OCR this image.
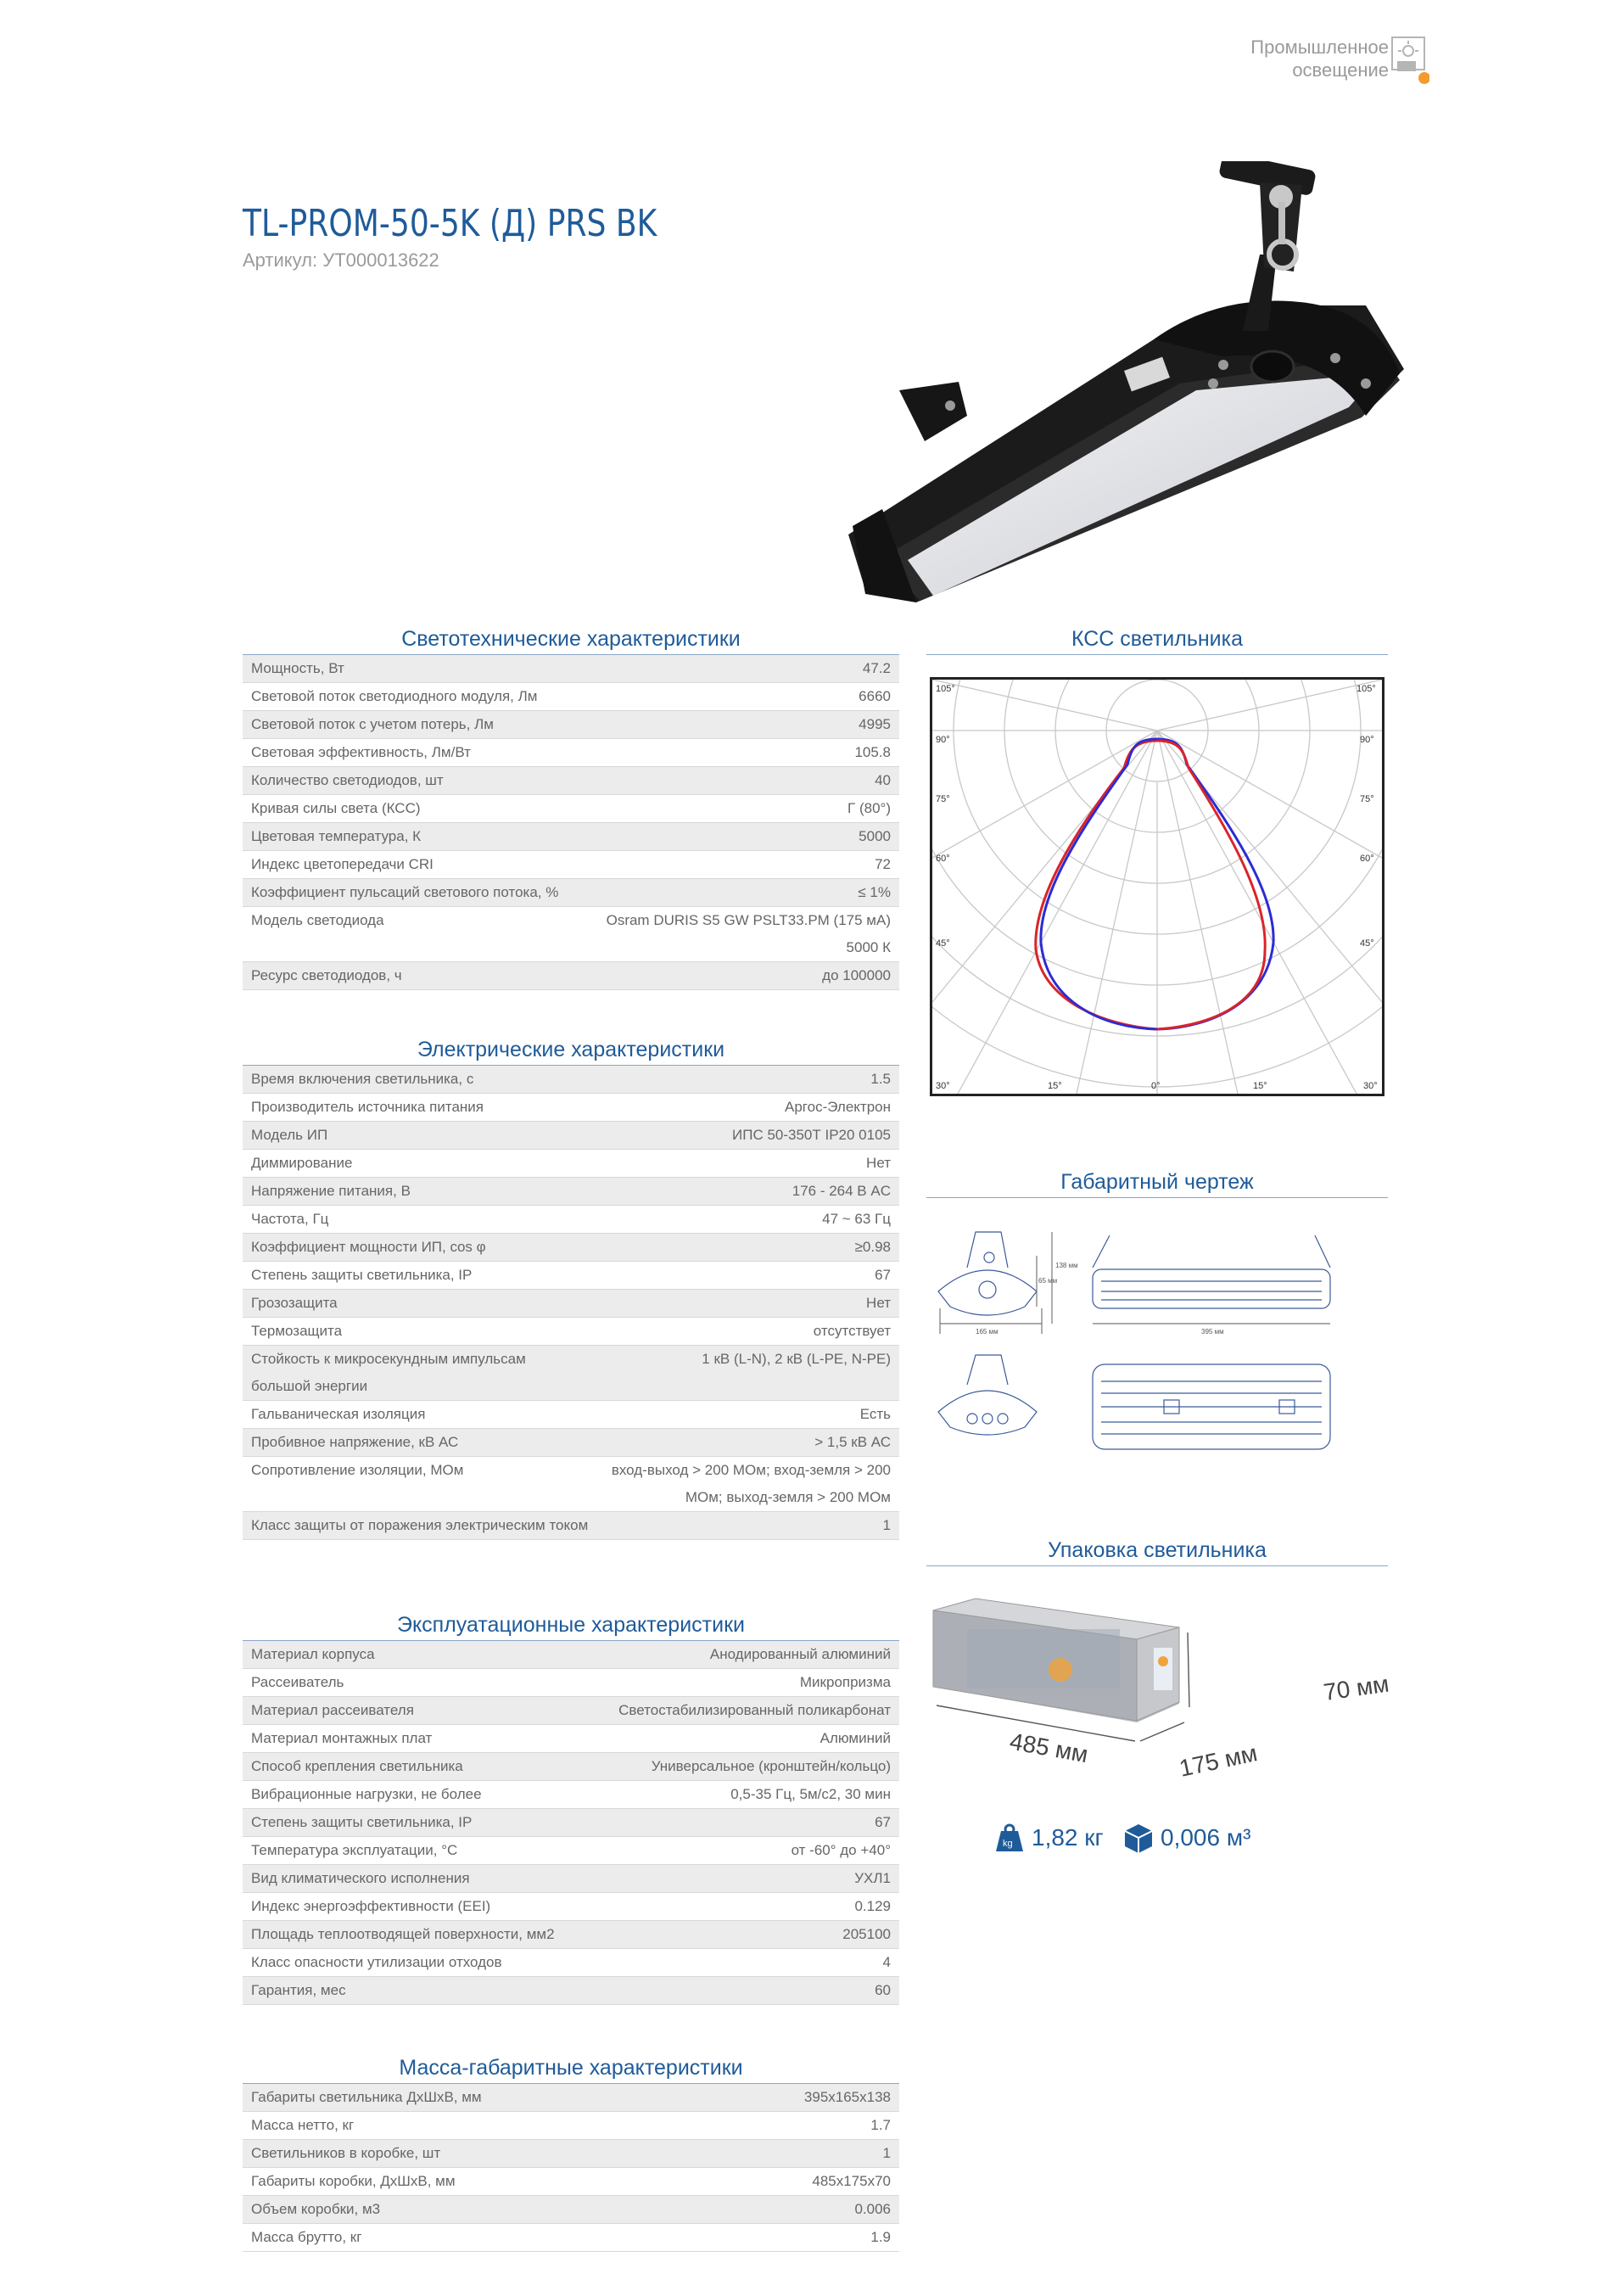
Промышленное
освещение
TL-PROM-50-5K (Д) PRS BK
Артикул: УТ000013622
Светотехнические характеристики
Мощность, Вт	47.2
Световой поток светодиодного модуля, Лм	6660
Световой поток с учетом потерь, Лм	4995
Световая эффективность, Лм/Вт	105.8
Количество светодиодов, шт	40
Кривая силы света (КСС)	Г (80°)
Цветовая температура, К	5000
Индекс цветопередачи CRI	72
Коэффициент пульсаций светового потока, %	≤ 1%
Модель светодиода	Osram DURIS S5 GW PSLT33.PM (175 мА) 5000 К
Ресурс светодиодов, ч	до 100000
Электрические характеристики
Время включения светильника, с	1.5
Производитель источника питания	Аргос-Электрон
Модель ИП	ИПС 50-350Т IP20 0105
Диммирование	Нет
Напряжение питания, В	176 - 264 В AC
Частота, Гц	47 ~ 63 Гц
Коэффициент мощности ИП, cos φ	≥0.98
Степень защиты светильника, IP	67
Грозозащита	Нет
Термозащита	отсутствует
Стойкость к микросекундным импульсам большой энергии	1 кВ (L-N), 2 кВ (L-PE, N-PE)
Гальваническая изоляция	Есть
Пробивное напряжение, кВ АС	> 1,5 кВ АС
Сопротивление изоляции, МОм	вход-выход > 200 МОм; вход-земля > 200 МОм; выход-земля > 200 МОм
Класс защиты от поражения электрическим током	1
Эксплуатационные характеристики
Материал корпуса	Анодированный алюминий
Рассеиватель	Микропризма
Материал рассеивателя	Светостабилизированный поликарбонат
Материал монтажных плат	Алюминий
Способ крепления светильника	Универсальное (кронштейн/кольцо)
Вибрационные нагрузки, не более	0,5-35 Гц, 5м/с2, 30 мин
Степень защиты светильника, IP	67
Температура эксплуатации, °С	от -60° до +40°
Вид климатического исполнения	УХЛ1
Индекс энергоэффективности (EEI)	0.129
Площадь теплоотводящей поверхности, мм2	205100
Класс опасности утилизации отходов	4
Гарантия, мес	60
Масса-габаритные характеристики
Габариты светильника ДхШхВ, мм	395x165x138
Масса нетто, кг	1.7
Светильников в коробке, шт	1
Габариты коробки, ДхШхВ, мм	485x175x70
Объем коробки, м3	0.006
Масса брутто, кг	1.9
КСС светильника
105°
90°
75°
60°
45°
30°
105°
90°
75°
60°
45°
30°
15°	0°	15°
Габаритный чертеж
138 мм
65 мм
165 мм	395 мм
Упаковка светильника
485 мм	175 мм
70 мм
kg 1,82 кг 0,006 м³
